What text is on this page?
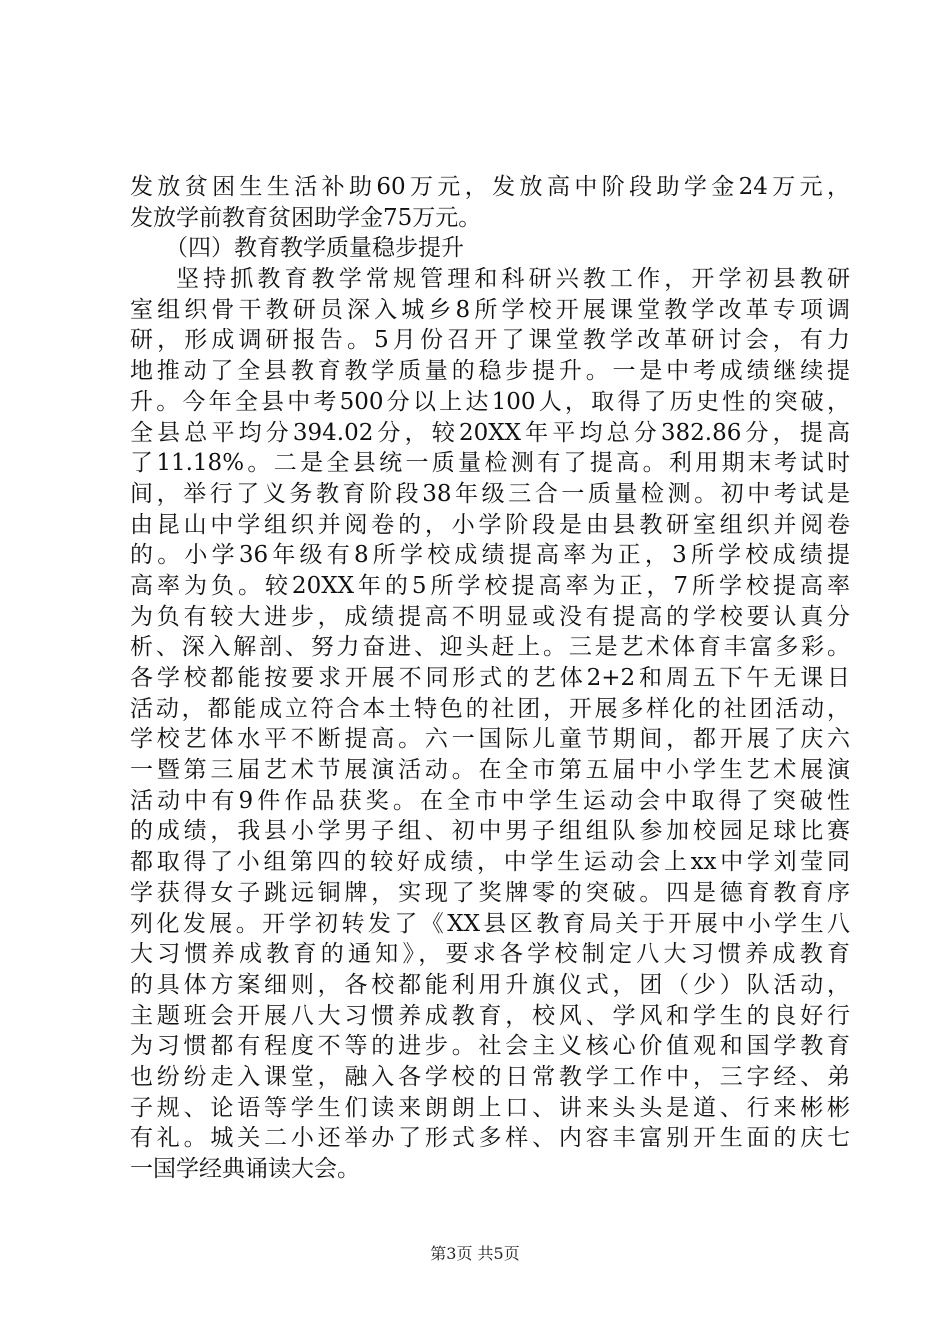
发放贫困生生活补助60万元，发放高中阶段助学金24万元，
发放学前教育贫困助学金75万元。
（四）教育教学质量稳步提升
坚持抓教育教学常规管理和科研兴教工作，开学初县教研
室组织骨干教研员深入城乡8所学校开展课堂教学改革专项调
研，形成调研报告。5月份召开了课堂教学改革研讨会，有力
地推动了全县教育教学质量的稳步提升。一是中考成绩继续提
升。今年全县中考500分以上达100人，取得了历史性的突破，
全县总平均分394.02分，较20XX年平均总分382.86分，提高
了11.18%。二是全县统一质量检测有了提高。利用期末考试时
间，举行了义务教育阶段38年级三合一质量检测。初中考试是
由昆山中学组织并阅卷的，小学阶段是由县教研室组织并阅卷
的。小学36年级有8所学校成绩提高率为正，3所学校成绩提
高率为负。较20XX年的5所学校提高率为正，7所学校提高率
为负有较大进步，成绩提高不明显或没有提高的学校要认真分
析、深入解剖、努力奋进、迎头赶上。三是艺术体育丰富多彩。
各学校都能按要求开展不同形式的艺体2+2和周五下午无课日
活动，都能成立符合本土特色的社团，开展多样化的社团活动，
学校艺体水平不断提高。六一国际儿童节期间，都开展了庆六
一暨第三届艺术节展演活动。在全市第五届中小学生艺术展演
活动中有9件作品获奖。在全市中学生运动会中取得了突破性
的成绩，我县小学男子组、初中男子组组队参加校园足球比赛
都取得了小组第四的较好成绩，中学生运动会上xx中学刘莹同
学获得女子跳远铜牌，实现了奖牌零的突破。四是德育教育序
列化发展。开学初转发了《XX县区教育局关于开展中小学生八
大习惯养成教育的通知》，要求各学校制定八大习惯养成教育
的具体方案细则，各校都能利用升旗仪式，团（少）队活动，
主题班会开展八大习惯养成教育，校风、学风和学生的良好行
为习惯都有程度不等的进步。社会主义核心价值观和国学教育
也纷纷走入课堂，融入各学校的日常教学工作中，三字经、弟
子规、论语等学生们读来朗朗上口、讲来头头是道、行来彬彬
有礼。城关二小还举办了形式多样、内容丰富别开生面的庆七
一国学经典诵读大会。
第3页 共5页
